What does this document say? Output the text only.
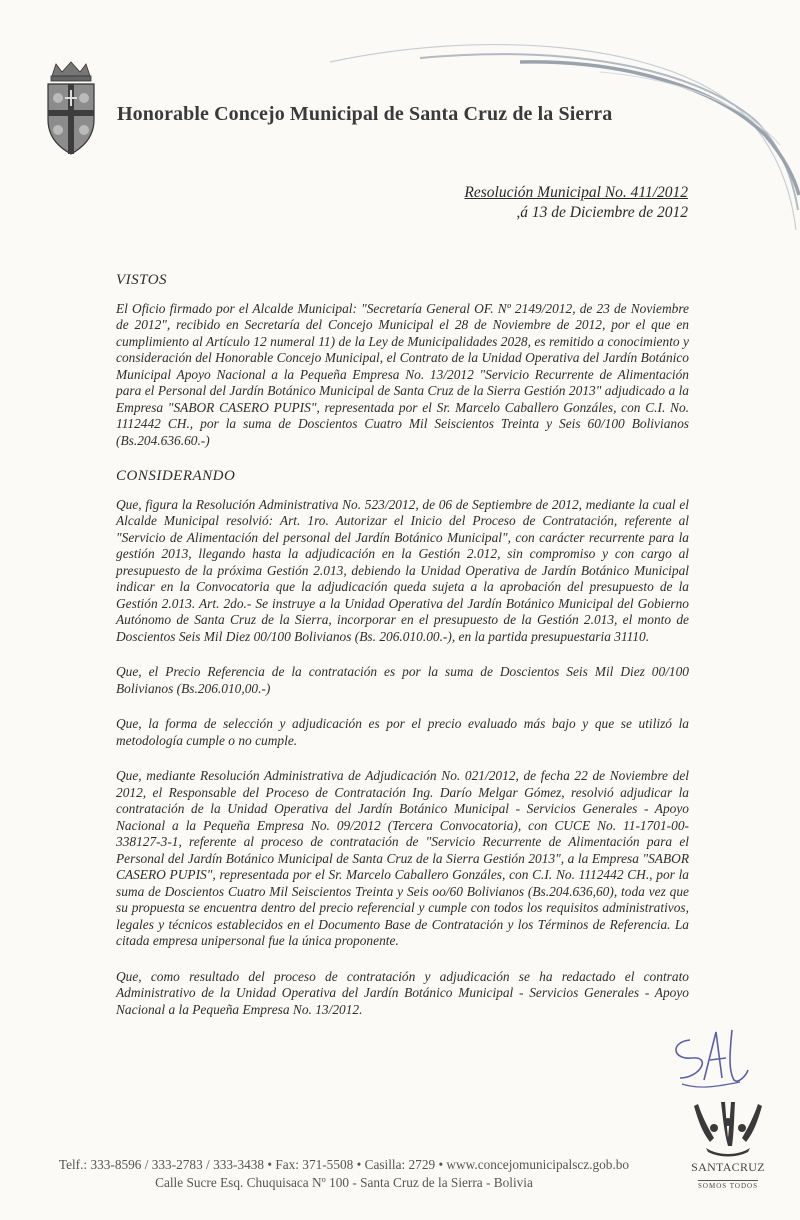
Honorable Concejo Municipal de Santa Cruz de la Sierra
Resolución Municipal No. 411/2012
,á 13 de Diciembre de 2012
VISTOS
El Oficio firmado por el Alcalde Municipal: "Secretaría General OF. Nº 2149/2012, de 23 de Noviembre de 2012", recibido en Secretaría del Concejo Municipal el 28 de Noviembre de 2012, por el que en cumplimiento al Artículo 12 numeral 11) de la Ley de Municipalidades 2028, es remitido a conocimiento y consideración del Honorable Concejo Municipal, el Contrato de la Unidad Operativa del Jardín Botánico Municipal Apoyo Nacional a la Pequeña Empresa No. 13/2012 "Servicio Recurrente de Alimentación para el Personal del Jardín Botánico Municipal de Santa Cruz de la Sierra Gestión 2013" adjudicado a la Empresa "SABOR CASERO PUPIS", representada por el Sr. Marcelo Caballero Gonzáles, con C.I. No. 1112442 CH., por la suma de Doscientos Cuatro Mil Seiscientos Treinta y Seis 60/100 Bolivianos (Bs.204.636.60.-)
CONSIDERANDO
Que, figura la Resolución Administrativa No. 523/2012, de 06 de Septiembre de 2012, mediante la cual el Alcalde Municipal resolvió: Art. 1ro. Autorizar el Inicio del Proceso de Contratación, referente al "Servicio de Alimentación del personal del Jardín Botánico Municipal", con carácter recurrente para la gestión 2013, llegando hasta la adjudicación en la Gestión 2.012, sin compromiso y con cargo al presupuesto de la próxima Gestión 2.013, debiendo la Unidad Operativa de Jardín Botánico Municipal indicar en la Convocatoria que la adjudicación queda sujeta a la aprobación del presupuesto de la Gestión 2.013. Art. 2do.- Se instruye a la Unidad Operativa del Jardín Botánico Municipal del Gobierno Autónomo de Santa Cruz de la Sierra, incorporar en el presupuesto de la Gestión 2.013, el monto de Doscientos Seis Mil Diez 00/100 Bolivianos (Bs. 206.010.00.-), en la partida presupuestaria 31110.
Que, el Precio Referencia de la contratación es por la suma de Doscientos Seis Mil Diez 00/100 Bolivianos (Bs.206.010,00.-)
Que, la forma de selección y adjudicación es por el precio evaluado más bajo y que se utilizó la metodología cumple o no cumple.
Que, mediante Resolución Administrativa de Adjudicación No. 021/2012, de fecha 22 de Noviembre del 2012, el Responsable del Proceso de Contratación Ing. Darío Melgar Gómez, resolvió adjudicar la contratación de la Unidad Operativa del Jardín Botánico Municipal - Servicios Generales - Apoyo Nacional a la Pequeña Empresa No. 09/2012 (Tercera Convocatoria), con CUCE No. 11-1701-00-338127-3-1, referente al proceso de contratación de "Servicio Recurrente de Alimentación para el Personal del Jardín Botánico Municipal de Santa Cruz de la Sierra Gestión 2013", a la Empresa "SABOR CASERO PUPIS", representada por el Sr. Marcelo Caballero Gonzáles, con C.I. No. 1112442 CH., por la suma de Doscientos Cuatro Mil Seiscientos Treinta y Seis oo/60 Bolivianos (Bs.204.636,60), toda vez que su propuesta se encuentra dentro del precio referencial y cumple con todos los requisitos administrativos, legales y técnicos establecidos en el Documento Base de Contratación y los Términos de Referencia. La citada empresa unipersonal fue la única proponente.
Que, como resultado del proceso de contratación y adjudicación se ha redactado el contrato Administrativo de la Unidad Operativa del Jardín Botánico Municipal - Servicios Generales - Apoyo Nacional a la Pequeña Empresa No. 13/2012.
Telf.: 333-8596 / 333-2783 / 333-3438 • Fax: 371-5508 • Casilla: 2729 • www.concejomunicipalscz.gob.bo
Calle Sucre Esq. Chuquisaca Nº 100 - Santa Cruz de la Sierra - Bolivia
SANTACRUZ
SOMOS TODOS
